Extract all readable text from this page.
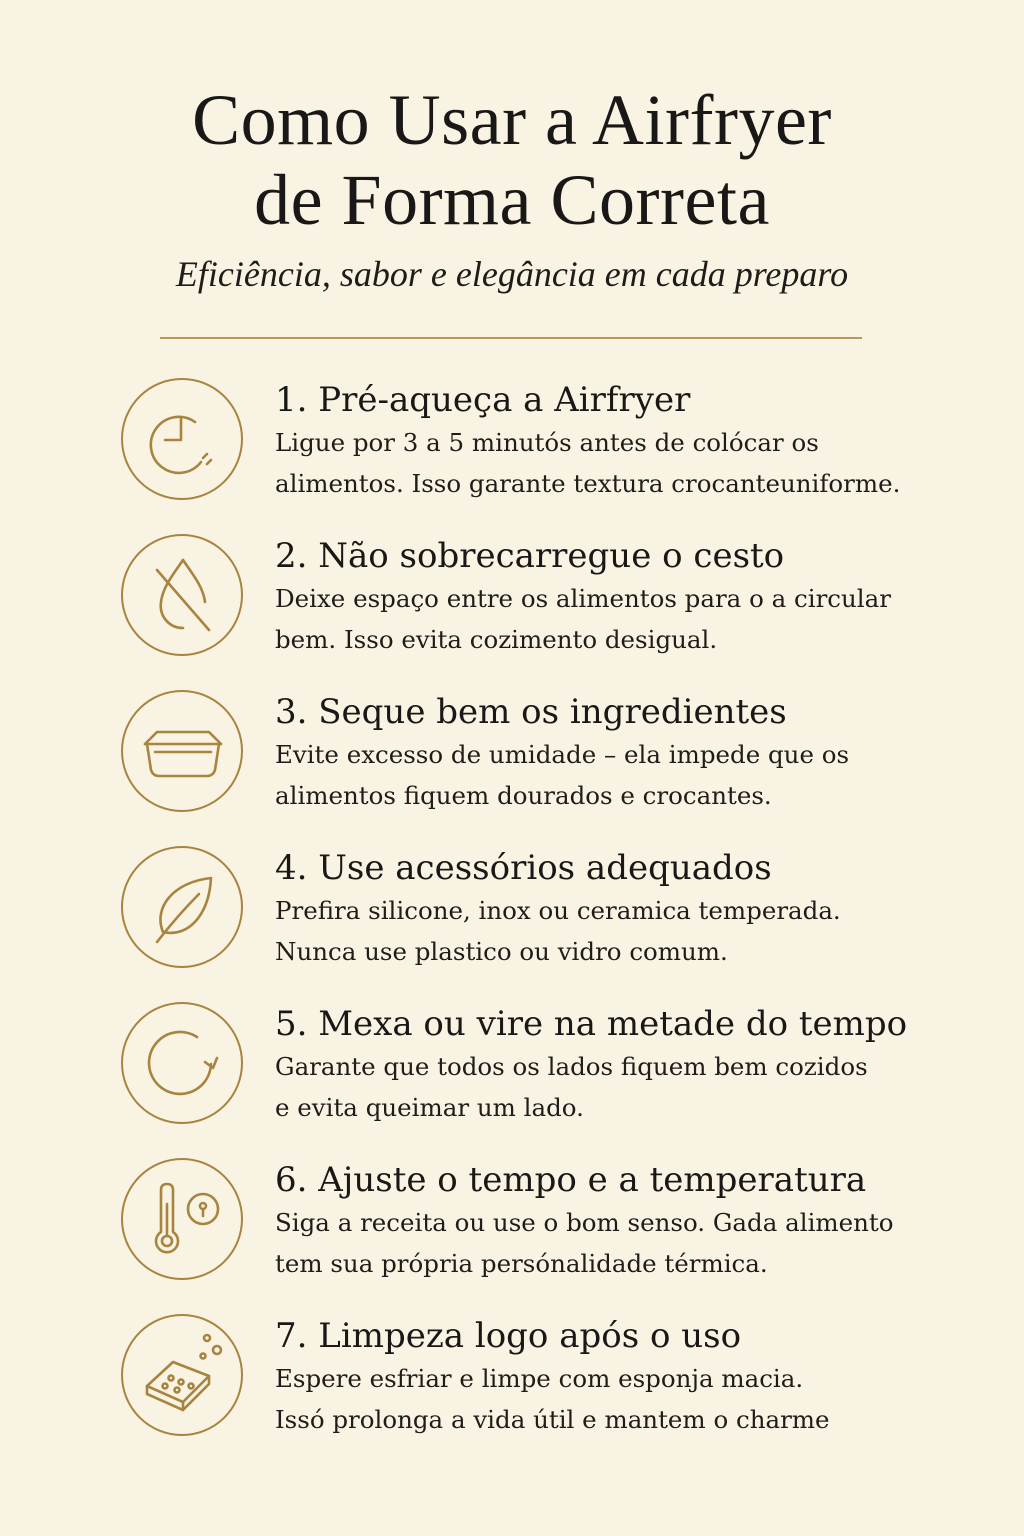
Como Usar a Airfryer
de Forma Correta
Eficiência, sabor e elegância em cada preparo
1. Pré-aqueça a Airfryer
Ligue por 3 a 5 minutós antes de colócar os
alimentos. Isso garante textura crocanteuniforme.
2. Não sobrecarregue o cesto
Deixe espaço entre os alimentos para o a circular
bem. Isso evita cozimento desigual.
3. Seque bem os ingredientes
Evite excesso de umidade – ela impede que os
alimentos fiquem dourados e crocantes.
4. Use acessórios adequados
Prefira silicone, inox ou ceramica temperada.
Nunca use plastico ou vidro comum.
5. Mexa ou vire na metade do tempo
Garante que todos os lados fiquem bem cozidos
e evita queimar um lado.
6. Ajuste o tempo e a temperatura
Siga a receita ou use o bom senso. Gada alimento
tem sua própria persónalidade térmica.
7. Limpeza logo após o uso
Espere esfriar e limpe com esponja macia.
Issó prolonga a vida útil e mantem o charme
